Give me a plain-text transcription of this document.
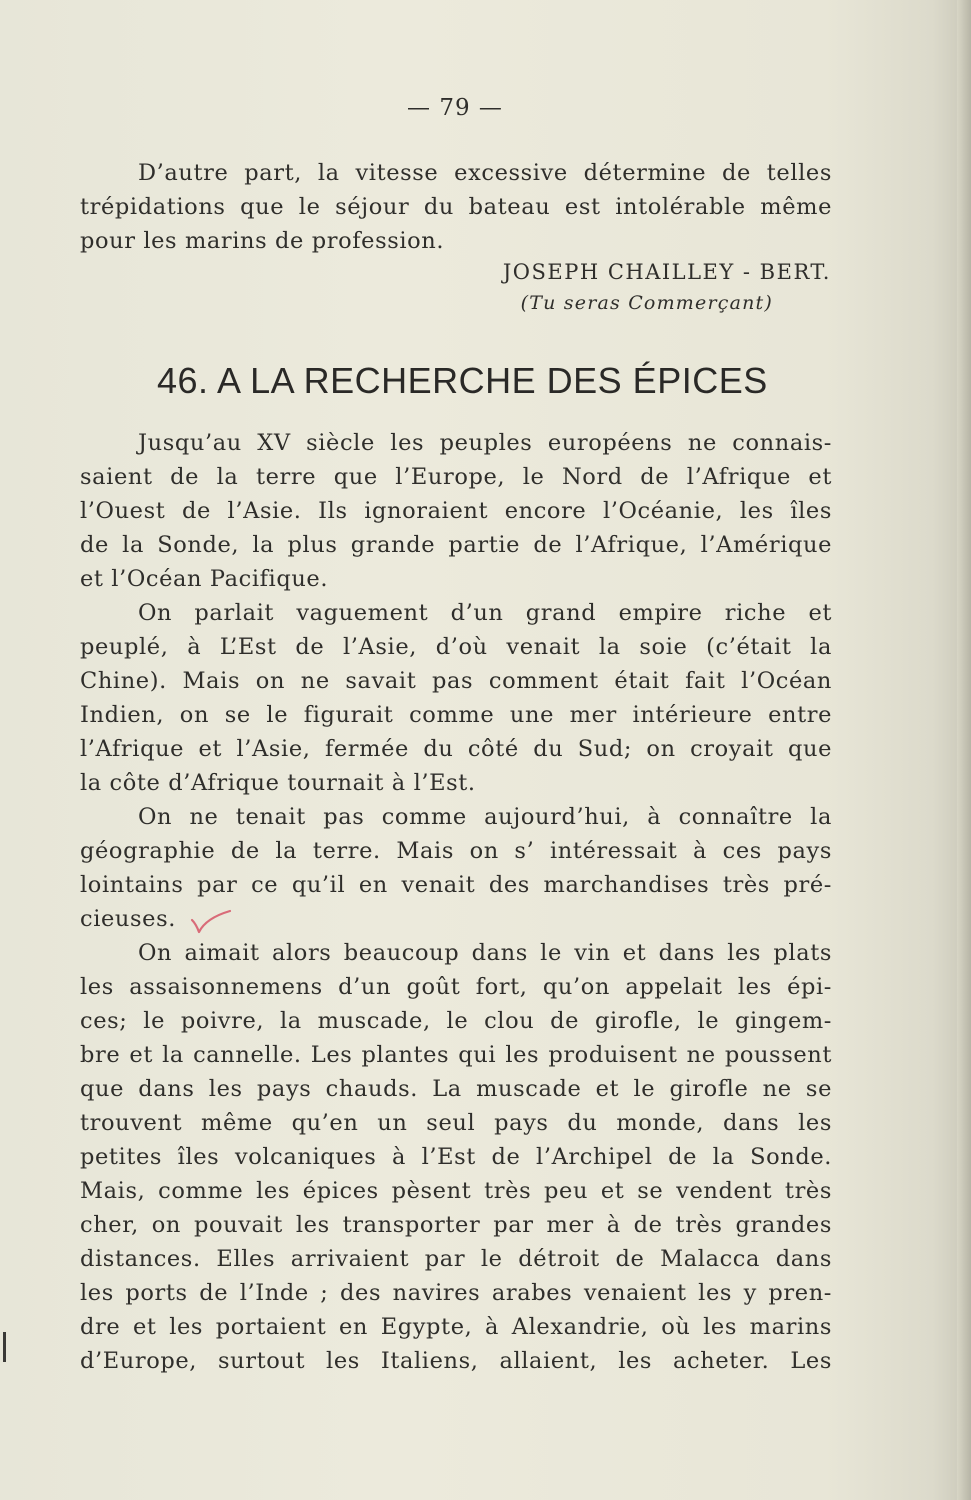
— 79 —
D’autre part, la vitesse excessive détermine de telles
trépidations que le séjour du bateau est intolérable même
pour les marins de profession.
JOSEPH CHAILLEY - BERT.
(Tu seras Commerçant)
46. A LA RECHERCHE DES ÉPICES
Jusqu’au XV siècle les peuples européens ne connais-
saient de la terre que l’Europe, le Nord de l’Afrique et
l’Ouest de l’Asie. Ils ignoraient encore l’Océanie, les îles
de la Sonde, la plus grande partie de l’Afrique, l’Amérique
et l’Océan Pacifique.
On parlait vaguement d’un grand empire riche et
peuplé, à L’Est de l’Asie, d’où venait la soie (c’était la
Chine). Mais on ne savait pas comment était fait l’Océan
Indien, on se le figurait comme une mer intérieure entre
l’Afrique et l’Asie, fermée du côté du Sud; on croyait que
la côte d’Afrique tournait à l’Est.
On ne tenait pas comme aujourd’hui, à connaître la
géographie de la terre. Mais on s’ intéressait à ces pays
lointains par ce qu’il en venait des marchandises très pré-
cieuses.
On aimait alors beaucoup dans le vin et dans les plats
les assaisonnemens d’un goût fort, qu’on appelait les épi-
ces; le poivre, la muscade, le clou de girofle, le gingem-
bre et la cannelle. Les plantes qui les produisent ne poussent
que dans les pays chauds. La muscade et le girofle ne se
trouvent même qu’en un seul pays du monde, dans les
petites îles volcaniques à l’Est de l’Archipel de la Sonde.
Mais, comme les épices pèsent très peu et se vendent très
cher, on pouvait les transporter par mer à de très grandes
distances. Elles arrivaient par le détroit de Malacca dans
les ports de l’Inde ; des navires arabes venaient les y pren-
dre et les portaient en Egypte, à Alexandrie, où les marins
d’Europe, surtout les Italiens, allaient, les acheter. Les
